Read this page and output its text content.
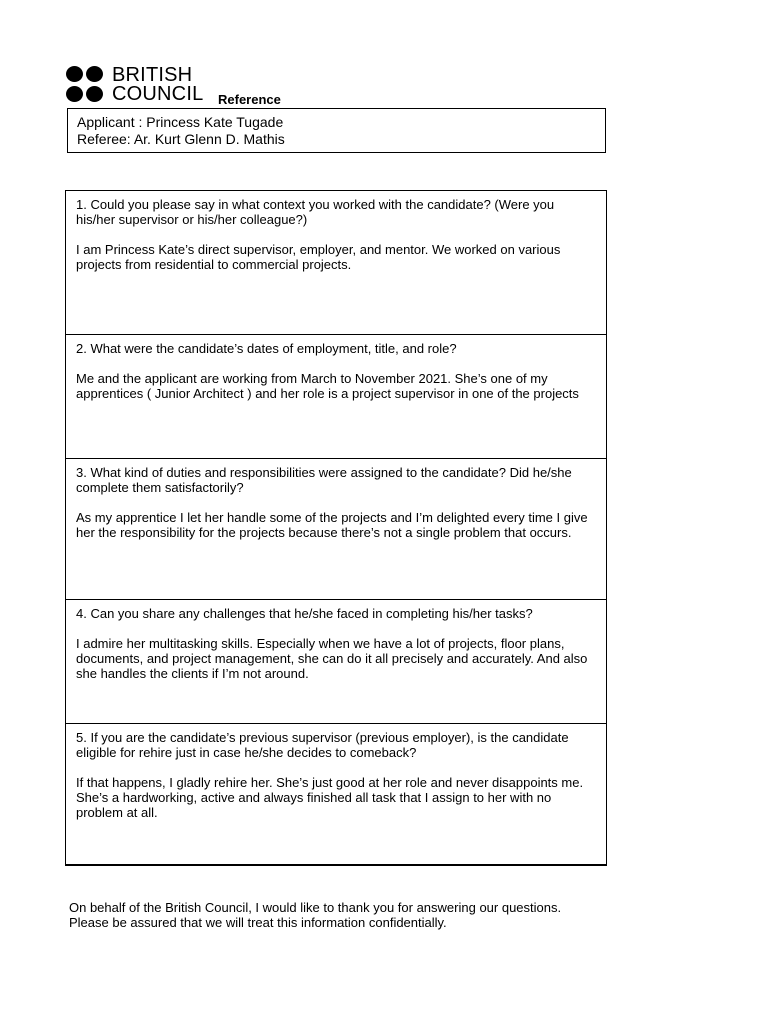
BRITISH
COUNCIL Reference
Applicant : Princess Kate Tugade
Referee: Ar. Kurt Glenn D. Mathis

1. Could you please say in what context you worked with the candidate? (Were you his/her supervisor or his/her colleague?)

I am Princess Kate’s direct supervisor, employer, and mentor. We worked on various projects from residential to commercial projects.

2. What were the candidate’s dates of employment, title, and role?

Me and the applicant are working from March to November 2021. She’s one of my apprentices ( Junior Architect ) and her role is a project supervisor in one of the projects

3. What kind of duties and responsibilities were assigned to the candidate? Did he/she complete them satisfactorily?

As my apprentice I let her handle some of the projects and I’m delighted every time I give her the responsibility for the projects because there’s not a single problem that occurs.

4. Can you share any challenges that he/she faced in completing his/her tasks?

I admire her multitasking skills. Especially when we have a lot of projects, floor plans, documents, and project management, she can do it all precisely and accurately. And also she handles the clients if I’m not around.

5. If you are the candidate’s previous supervisor (previous employer), is the candidate eligible for rehire just in case he/she decides to comeback?

If that happens, I gladly rehire her. She’s just good at her role and never disappoints me. She’s a hardworking, active and always finished all task that I assign to her with no problem at all.

On behalf of the British Council, I would like to thank you for answering our questions.

Please be assured that we will treat this information confidentially.
